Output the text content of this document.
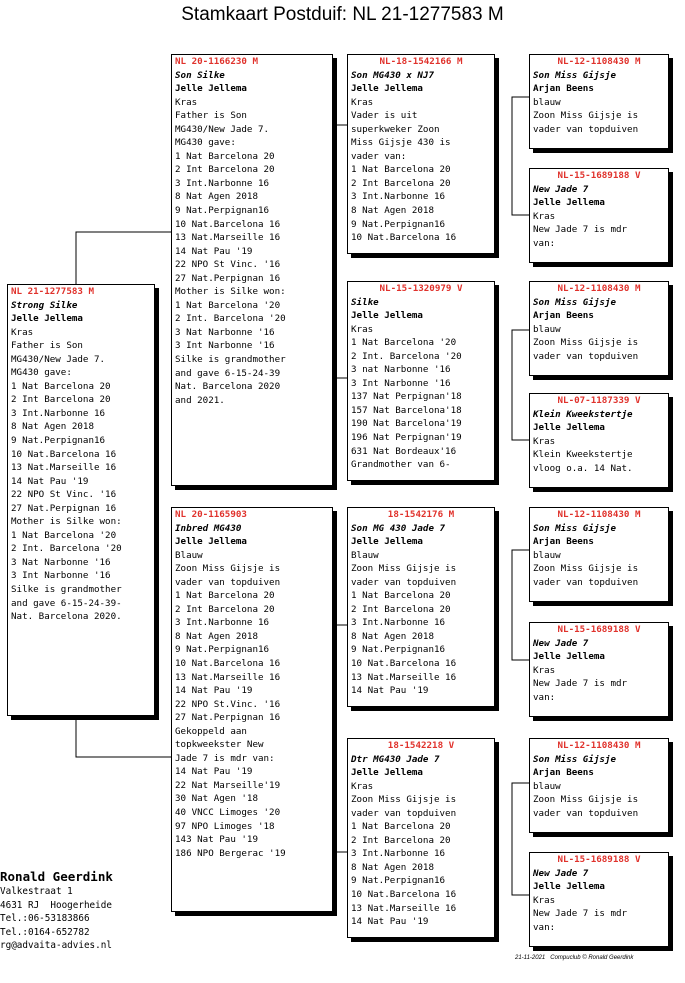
Stamkaart Postduif: NL 21-1277583 M
NL 21-1277583 M
Strong Silke
Jelle Jellema
Kras
Father is Son
MG430/New Jade 7.
MG430 gave:
1 Nat Barcelona 20
2 Int Barcelona 20
3 Int.Narbonne 16
8 Nat Agen 2018
9 Nat.Perpignan16
10 Nat.Barcelona 16
13 Nat.Marseille 16
14 Nat Pau '19
22 NPO St Vinc. '16
27 Nat.Perpignan 16
Mother is Silke won:
1 Nat Barcelona '20
2 Int. Barcelona '20
3 Nat Narbonne '16
3 Int Narbonne '16
Silke is grandmother
and gave 6-15-24-39-
Nat. Barcelona 2020.
NL 20-1166230 M
Son Silke
Jelle Jellema
Kras
Father is Son
MG430/New Jade 7.
MG430 gave:
1 Nat Barcelona 20
2 Int Barcelona 20
3 Int.Narbonne 16
8 Nat Agen 2018
9 Nat.Perpignan16
10 Nat.Barcelona 16
13 Nat.Marseille 16
14 Nat Pau '19
22 NPO St Vinc. '16
27 Nat.Perpignan 16
Mother is Silke won:
1 Nat Barcelona '20
2 Int. Barcelona '20
3 Nat Narbonne '16
3 Int Narbonne '16
Silke is grandmother
and gave 6-15-24-39
Nat. Barcelona 2020
and 2021.
NL 20-1165903
Inbred MG430
Jelle Jellema
Blauw
Zoon Miss Gijsje is
vader van topduiven
1 Nat Barcelona 20
2 Int Barcelona 20
3 Int.Narbonne 16
8 Nat Agen 2018
9 Nat.Perpignan16
10 Nat.Barcelona 16
13 Nat.Marseille 16
14 Nat Pau '19
22 NPO St.Vinc. '16
27 Nat.Perpignan 16
Gekoppeld aan
topkweekster New
Jade 7 is mdr van:
14 Nat Pau '19
22 Nat Marseille'19
30 Nat Agen '18
40 VNCC Limoges '20
97 NPO Limoges '18
143 Nat Pau '19
186 NPO Bergerac '19
NL-18-1542166 M
Son MG430 x NJ7
Jelle Jellema
Kras
Vader is uit
superkweker Zoon
Miss Gijsje 430 is
vader van:
1 Nat Barcelona 20
2 Int Barcelona 20
3 Int.Narbonne 16
8 Nat Agen 2018
9 Nat.Perpignan16
10 Nat.Barcelona 16
NL-15-1320979 V
Silke
Jelle Jellema
Kras
1 Nat Barcelona '20
2 Int. Barcelona '20
3 nat Narbonne '16
3 Int Narbonne '16
137 Nat Perpignan'18
157 Nat Barcelona'18
190 Nat Barcelona'19
196 Nat Perpignan'19
631 Nat Bordeaux'16
Grandmother van 6-
18-1542176 M
Son MG 430 Jade 7
Jelle Jellema
Blauw
Zoon Miss Gijsje is
vader van topduiven
1 Nat Barcelona 20
2 Int Barcelona 20
3 Int.Narbonne 16
8 Nat Agen 2018
9 Nat.Perpignan16
10 Nat.Barcelona 16
13 Nat.Marseille 16
14 Nat Pau '19
18-1542218 V
Dtr MG430 Jade 7
Jelle Jellema
Kras
Zoon Miss Gijsje is
vader van topduiven
1 Nat Barcelona 20
2 Int Barcelona 20
3 Int.Narbonne 16
8 Nat Agen 2018
9 Nat.Perpignan16
10 Nat.Barcelona 16
13 Nat.Marseille 16
14 Nat Pau '19
NL-12-1108430 M
Son Miss Gijsje
Arjan Beens
blauw
Zoon Miss Gijsje is
vader van topduiven
NL-15-1689188 V
New Jade 7
Jelle Jellema
Kras
New Jade 7 is mdr
van:
NL-12-1108430 M
Son Miss Gijsje
Arjan Beens
blauw
Zoon Miss Gijsje is
vader van topduiven
NL-07-1187339 V
Klein Kweekstertje
Jelle Jellema
Kras
Klein Kweekstertje
vloog o.a. 14 Nat.
NL-12-1108430 M
Son Miss Gijsje
Arjan Beens
blauw
Zoon Miss Gijsje is
vader van topduiven
NL-15-1689188 V
New Jade 7
Jelle Jellema
Kras
New Jade 7 is mdr
van:
NL-12-1108430 M
Son Miss Gijsje
Arjan Beens
blauw
Zoon Miss Gijsje is
vader van topduiven
NL-15-1689188 V
New Jade 7
Jelle Jellema
Kras
New Jade 7 is mdr
van:
Ronald Geerdink
Valkestraat 1
4631 RJ  Hoogerheide
Tel.:06-53183866
Tel.:0164-652782
rg@advaita-advies.nl
21-11-2021   Compuclub © Ronald Geerdink
